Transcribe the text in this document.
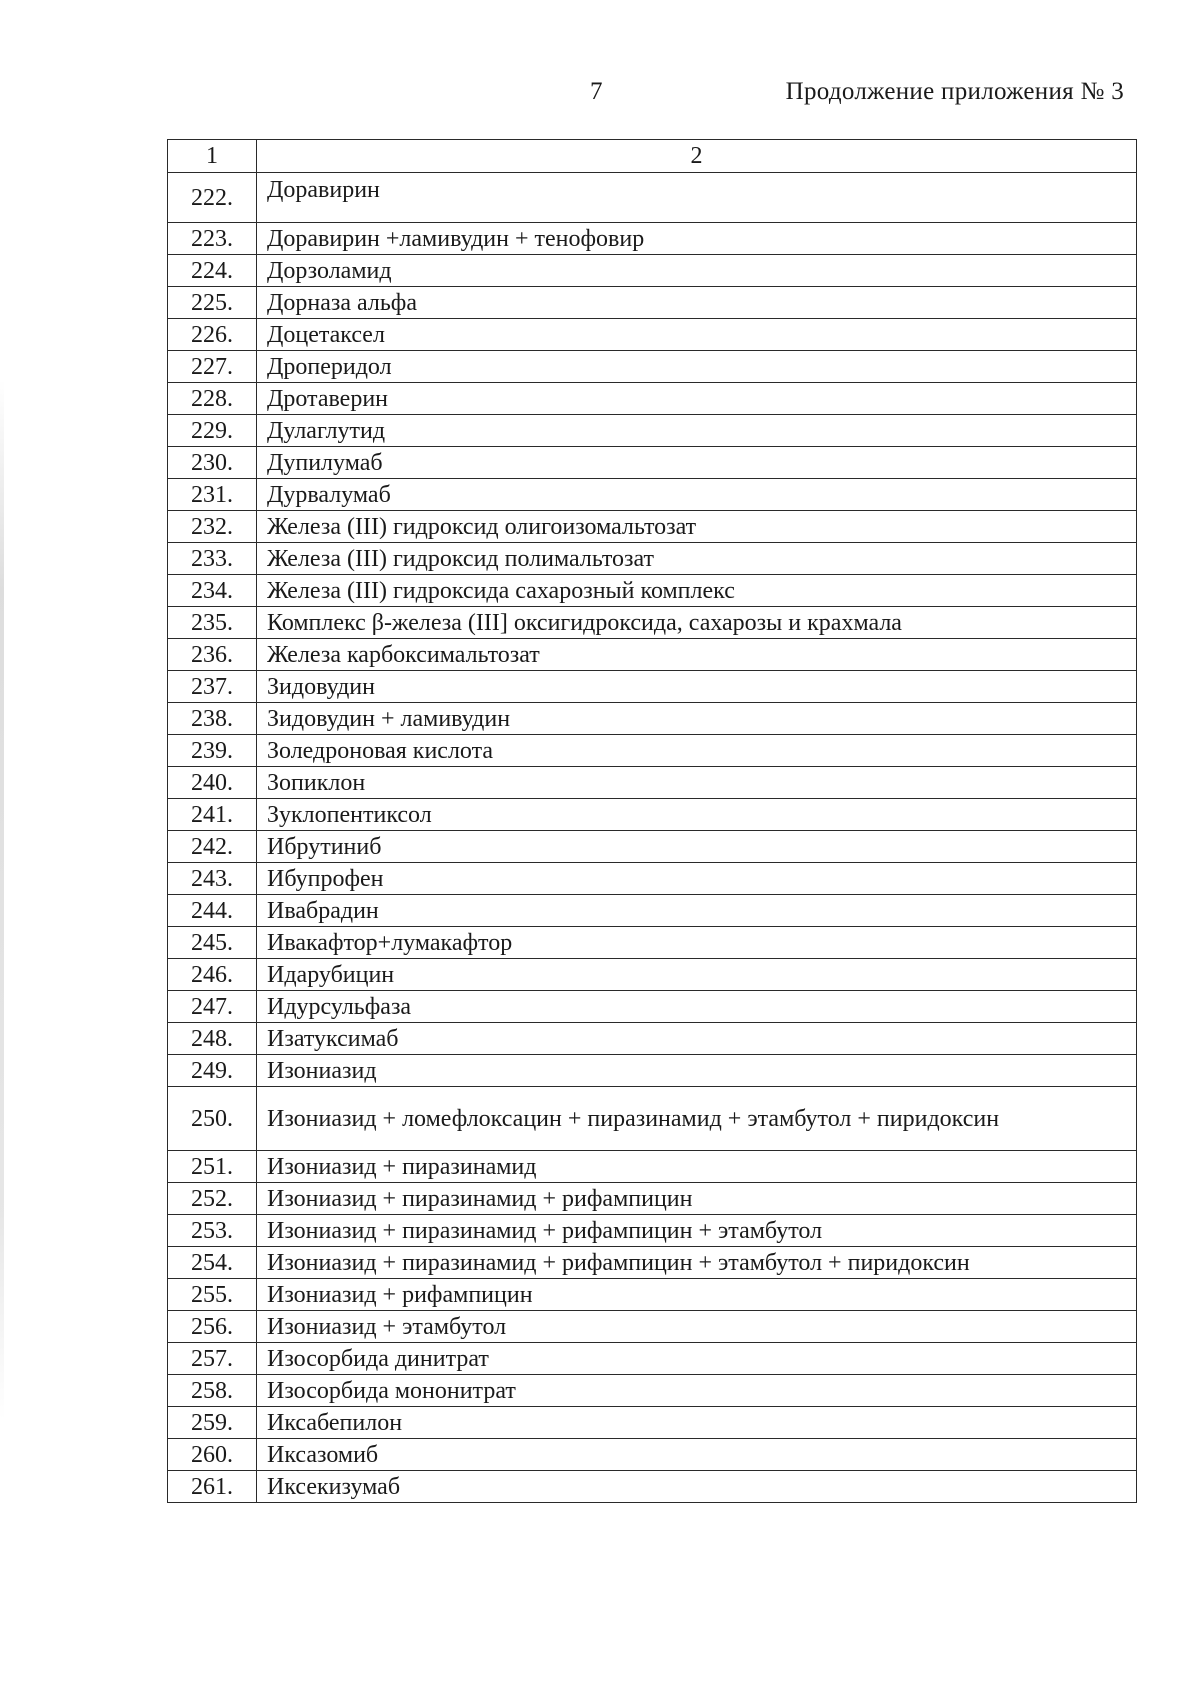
7	Продолжение приложения № 3
1	2
222.	Доравирин
223.	Доравирин +ламивудин + тенофовир
224.	Дорзоламид
225.	Дорназа альфа
226.	Доцетаксел
227.	Дроперидол
228.	Дротаверин
229.	Дулаглутид
230.	Дупилумаб
231.	Дурвалумаб
232.	Железа (III) гидроксид олигоизомальтозат
233.	Железа (III) гидроксид полимальтозат
234.	Железа (III) гидроксида сахарозный комплекс
235.	Комплекс β-железа (III] оксигидроксида, сахарозы и крахмала
236.	Железа карбоксимальтозат
237.	Зидовудин
238.	Зидовудин + ламивудин
239.	Золедроновая кислота
240.	Зопиклон
241.	Зуклопентиксол
242.	Ибрутиниб
243.	Ибупрофен
244.	Ивабрадин
245.	Ивакафтор+лумакафтор
246.	Идарубицин
247.	Идурсульфаза
248.	Изатуксимаб
249.	Изониазид
250.	Изониазид + ломефлоксацин + пиразинамид + этамбутол + пиридоксин
251.	Изониазид + пиразинамид
252.	Изониазид + пиразинамид + рифампицин
253.	Изониазид + пиразинамид + рифампицин + этамбутол
254.	Изониазид + пиразинамид + рифампицин + этамбутол + пиридоксин
255.	Изониазид + рифампицин
256.	Изониазид + этамбутол
257.	Изосорбида динитрат
258.	Изосорбида мононитрат
259.	Иксабепилон
260.	Иксазомиб
261.	Иксекизумаб
